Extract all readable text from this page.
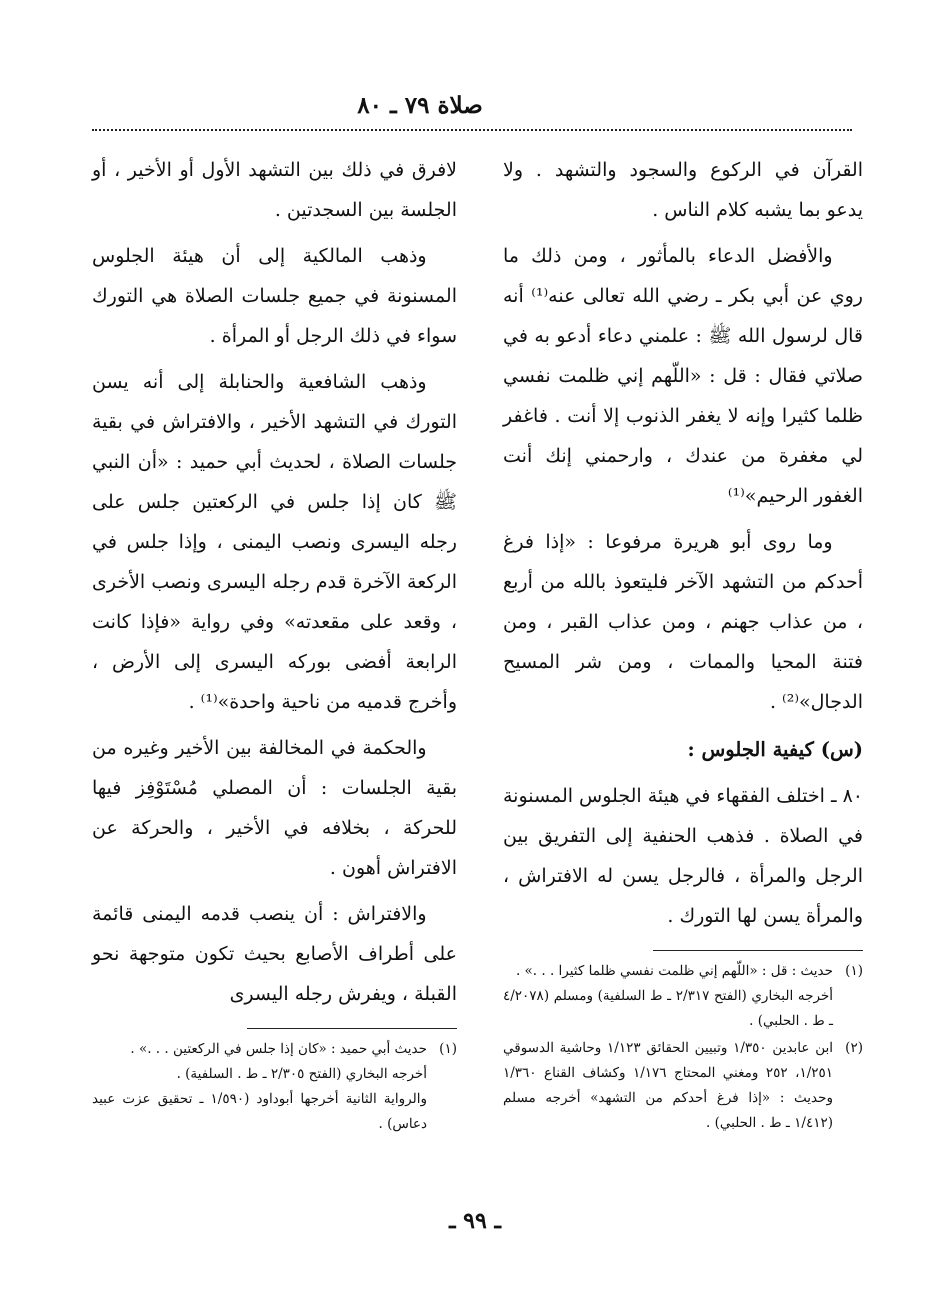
صلاة ٧٩ ـ ٨٠

القرآن في الركوع والسجود والتشهد . ولا يدعو بما يشبه كلام الناس .

والأفضل الدعاء بالمأثور ، ومن ذلك ما روي عن أبي بكر ـ رضي الله تعالى عنه⁽¹⁾ أنه قال لرسول الله ﷺ : علمني دعاء أدعو به في صلاتي فقال : قل : «اللّهم إني ظلمت نفسي ظلما كثيرا وإنه لا يغفر الذنوب إلا أنت . فاغفر لي مغفرة من عندك ، وارحمني إنك أنت الغفور الرحيم»⁽¹⁾

وما روى أبو هريرة مرفوعا : «إذا فرغ أحدكم من التشهد الآخر فليتعوذ بالله من أربع ، من عذاب جهنم ، ومن عذاب القبر ، ومن فتنة المحيا والممات ، ومن شر المسيح الدجال»⁽²⁾ .

(س) كيفية الجلوس :

٨٠ ـ اختلف الفقهاء في هيئة الجلوس المسنونة في الصلاة . فذهب الحنفية إلى التفريق بين الرجل والمرأة ، فالرجل يسن له الافتراش ، والمرأة يسن لها التورك .

(١)
حديث : قل : «اللّهم إني ظلمت نفسي ظلما كثيرا . . .» .
أخرجه البخاري (الفتح ٢/٣١٧ ـ ط السلفية) ومسلم (٤/٢٠٧٨ ـ ط . الحلبي) .
(٢)
ابن عابدين ١/٣٥٠ وتبيين الحقائق ١/١٢٣ وحاشية الدسوقي ١/٢٥١، ٢٥٢ ومغني المحتاج ١/١٧٦ وكشاف القناع ١/٣٦٠ وحديث : «إذا فرغ أحدكم من التشهد» أخرجه مسلم (١/٤١٢ ـ ط . الحلبي) .

لافرق في ذلك بين التشهد الأول أو الأخير ، أو الجلسة بين السجدتين .

وذهب المالكية إلى أن هيئة الجلوس المسنونة في جميع جلسات الصلاة هي التورك سواء في ذلك الرجل أو المرأة .

وذهب الشافعية والحنابلة إلى أنه يسن التورك في التشهد الأخير ، والافتراش في بقية جلسات الصلاة ، لحديث أبي حميد : «أن النبي ﷺ كان إذا جلس في الركعتين جلس على رجله اليسرى ونصب اليمنى ، وإذا جلس في الركعة الآخرة قدم رجله اليسرى ونصب الأخرى ، وقعد على مقعدته» وفي رواية «فإذا كانت الرابعة أفضى بوركه اليسرى إلى الأرض ، وأخرج قدميه من ناحية واحدة»⁽¹⁾ .

والحكمة في المخالفة بين الأخير وغيره من بقية الجلسات : أن المصلي مُسْتَوْفِز فيها للحركة ، بخلافه في الأخير ، والحركة عن الافتراش أهون .

والافتراش : أن ينصب قدمه اليمنى قائمة على أطراف الأصابع بحيث تكون متوجهة نحو القبلة ، ويفرش رجله اليسرى

(١)
حديث أبي حميد : «كان إذا جلس في الركعتين . . .» .
أخرجه البخاري (الفتح ٢/٣٠٥ ـ ط . السلفية) .
والرواية الثانية أخرجها أبوداود (١/٥٩٠ ـ تحقيق عزت عبيد دعاس) .
ـ ٩٩ ـ
